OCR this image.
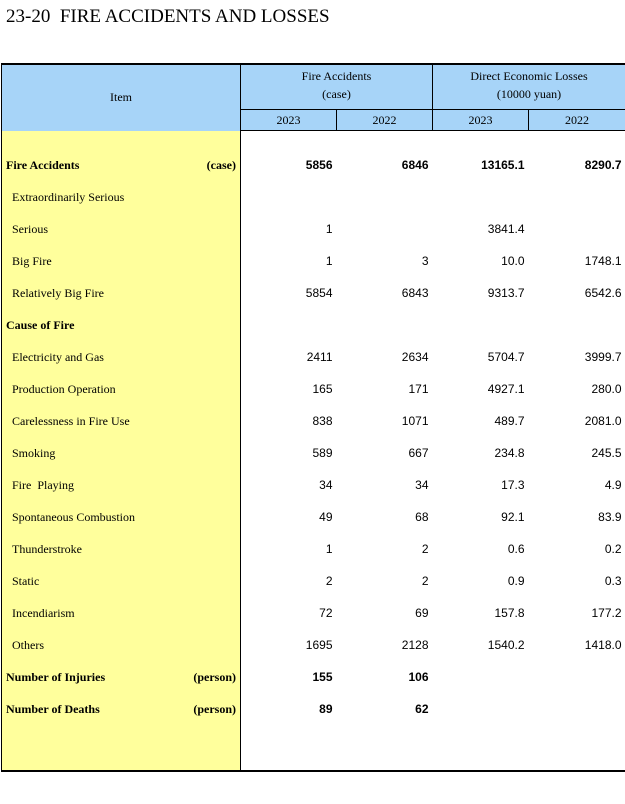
23-20  FIRE ACCIDENTS AND LOSSES
Item	Fire Accidents		Direct Economic Losses	
	(case)		(10000 yuan)	
	2023	2022	2023	2022

Fire Accidents (case)	5856	6846	13165.1	8290.7

Extraordinarily Serious				

Serious	1		3841.4	

Big Fire	1	3	10.0	1748.1

Relatively Big Fire	5854	6843	9313.7	6542.6

Cause of Fire				

Electricity and Gas	2411	2634	5704.7	3999.7

Production Operation	165	171	4927.1	280.0

Carelessness in Fire Use	838	1071	489.7	2081.0

Smoking	589	667	234.8	245.5

Fire  Playing	34	34	17.3	4.9

Spontaneous Combustion	49	68	92.1	83.9

Thunderstroke	1	2	0.6	0.2

Static	2	2	0.9	0.3

Incendiarism	72	69	157.8	177.2

Others	1695	2128	1540.2	1418.0

Number of Injuries (person)	155	106		

Number of Deaths (person)	89	62		
